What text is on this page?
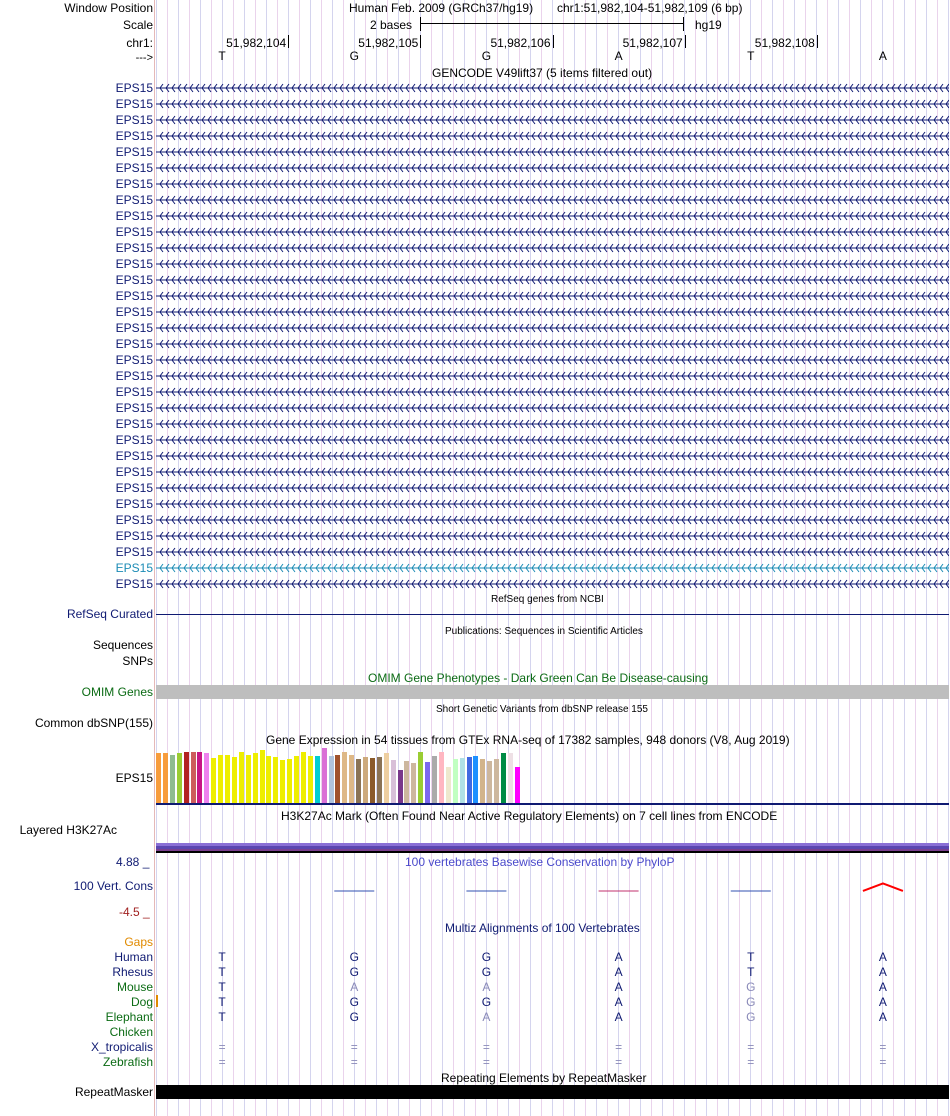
Window Position
Scale
chr1:
--->
Human Feb. 2009 (GRCh37/hg19) chr1:51,982,104-51,982,109 (6 bp)
2 bases	hg19
51,982,104	51,982,105	51,982,106	51,982,107	51,982,108
T	G	G	A	T	A
GENCODE V49lift37 (5 items filtered out)
RefSeq Curated
RefSeq genes from NCBI
Sequences
SNPs
Publications: Sequences in Scientific Articles
OMIM Gene Phenotypes - Dark Green Can Be Disease-causing
OMIM Genes
Short Genetic Variants from dbSNP release 155
Common dbSNP(155)
Gene Expression in 54 tissues from GTEx RNA-seq of 17382 samples, 948 donors (V8, Aug 2019)
EPS15
H3K27Ac Mark (Often Found Near Active Regulatory Elements) on 7 cell lines from ENCODE
Layered H3K27Ac
4.88 _	100 vertebrates Basewise Conservation by PhyloP
100 Vert. Cons
-4.5 _
Multiz Alignments of 100 Vertebrates
Gaps
Human	T	G	G	A	T	A
Rhesus	T	G	G	A	T	A
Mouse	T	A	A	A	G	A
Dog	T	G	G	A	G	A
Elephant	T	G	A	A	G	A
Chicken
X_tropicalis	=	=	=	=	=	=
Zebrafish	=	=	=	=	=	=
Repeating Elements by RepeatMasker
RepeatMasker
EPS15
EPS15
EPS15
EPS15
EPS15
EPS15
EPS15
EPS15
EPS15
EPS15
EPS15
EPS15
EPS15
EPS15
EPS15
EPS15
EPS15
EPS15
EPS15
EPS15
EPS15
EPS15
EPS15
EPS15
EPS15
EPS15
EPS15
EPS15
EPS15
EPS15
EPS15
EPS15
